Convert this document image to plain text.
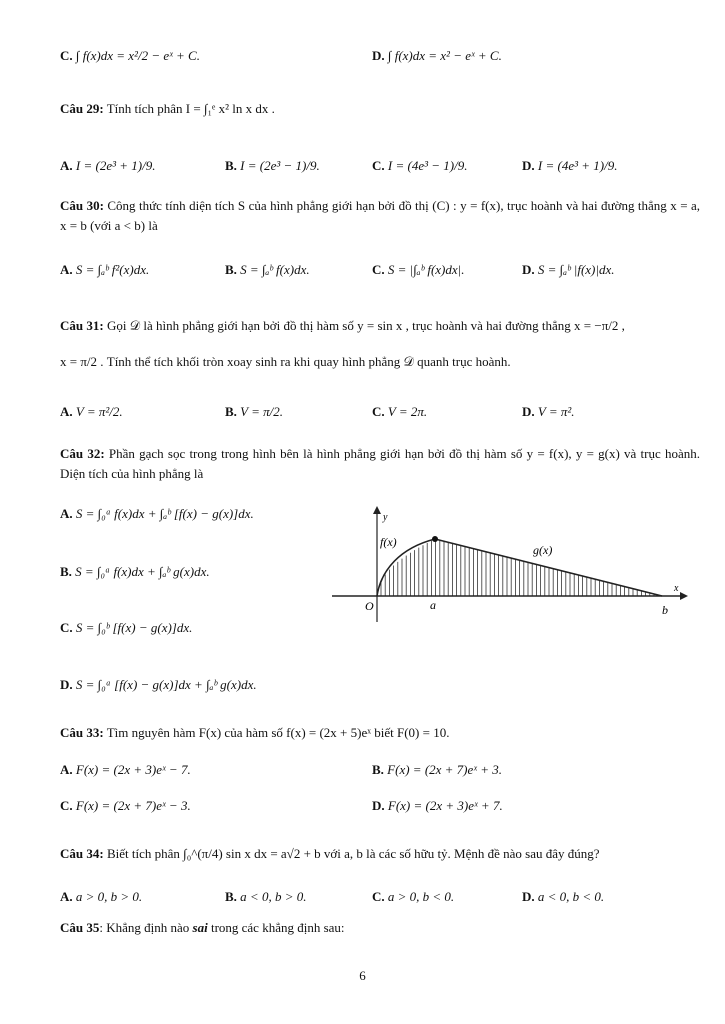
C. ∫ f(x)dx = x²/2 − eˣ + C.	D. ∫ f(x)dx = x² − eˣ + C.
Câu 29: Tính tích phân I = ∫₁ᵉ x² ln x dx .
A. I = (2e³ + 1)/9.	B. I = (2e³ − 1)/9.	C. I = (4e³ − 1)/9.	D. I = (4e³ + 1)/9.
Câu 30: Công thức tính diện tích S của hình phẳng giới hạn bởi đồ thị (C) : y = f(x), trục hoành và hai đường thẳng x = a, x = b (với a < b) là
A. S = ∫ₐᵇ f²(x)dx.	B. S = ∫ₐᵇ f(x)dx.	C. S = |∫ₐᵇ f(x)dx|.	D. S = ∫ₐᵇ |f(x)|dx.
Câu 31: Gọi 𝒟 là hình phẳng giới hạn bởi đồ thị hàm số y = sin x , trục hoành và hai đường thẳng x = −π/2 ,
x = π/2 . Tính thể tích khối tròn xoay sinh ra khi quay hình phẳng 𝒟 quanh trục hoành.
A. V = π²/2.	B. V = π/2.	C. V = 2π.	D. V = π².
Câu 32: Phần gạch sọc trong trong hình bên là hình phẳng giới hạn bởi đồ thị hàm số y = f(x), y = g(x) và trục hoành. Diện tích của hình phẳng là
A. S = ∫₀ᵃ f(x)dx + ∫ₐᵇ [f(x) − g(x)]dx.
B. S = ∫₀ᵃ f(x)dx + ∫ₐᵇ g(x)dx.
C. S = ∫₀ᵇ [f(x) − g(x)]dx.
D. S = ∫₀ᵃ [f(x) − g(x)]dx + ∫ₐᵇ g(x)dx.
y
x
O	a	b
f(x)
g(x)
Câu 33: Tìm nguyên hàm F(x) của hàm số f(x) = (2x + 5)eˣ biết F(0) = 10.
A. F(x) = (2x + 3)eˣ − 7.	B. F(x) = (2x + 7)eˣ + 3.
C. F(x) = (2x + 7)eˣ − 3.	D. F(x) = (2x + 3)eˣ + 7.
Câu 34: Biết tích phân ∫₀^(π/4) sin x dx = a√2 + b với a, b là các số hữu tỷ. Mệnh đề nào sau đây đúng?
A. a > 0, b > 0.	B. a < 0, b > 0.	C. a > 0, b < 0.	D. a < 0, b < 0.
Câu 35: Khẳng định nào sai trong các khẳng định sau:
6
